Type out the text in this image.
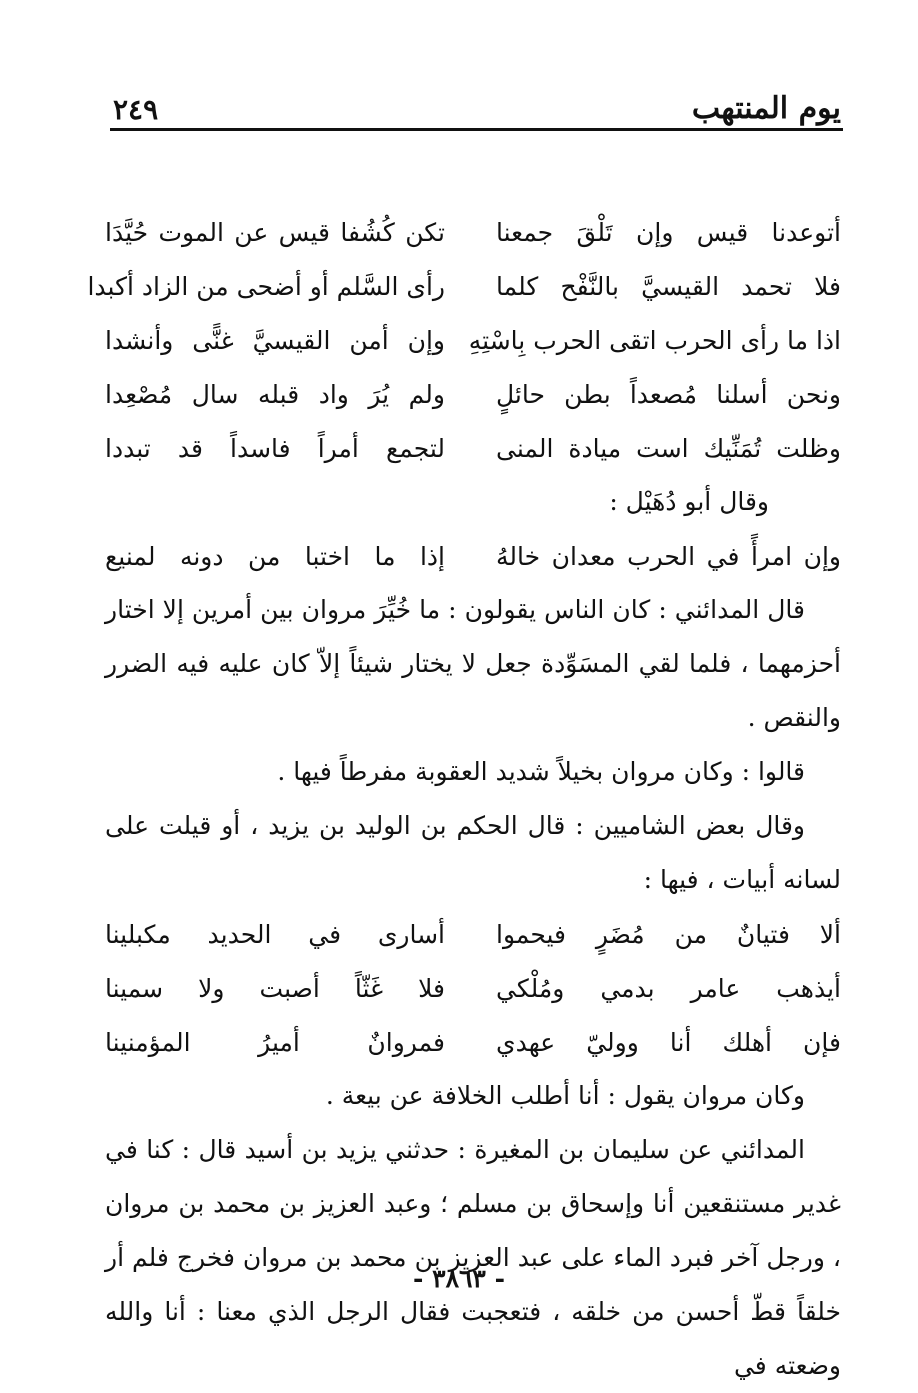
يوم المنتهب
٢٤٩
أتوعدنا قيس وإن تَلْقَ جمعنا
تكن كُشُفا قيس عن الموت حُيَّدَا
فلا تحمد القيسيَّ بالنَّفْح كلما
رأى السَّلم أو أضحى من الزاد أكبدا
اذا ما رأى الحرب اتقى الحرب بِاسْتِهِ
وإن أمن القيسيَّ غنًّى وأنشدا
ونحن أسلنا مُصعداً بطن حائلٍ
ولم يُرَ واد قبله سال مُصْعِدا
وظلت تُمَنِّيك است ميادة المنى
لتجمع أمراً فاسداً قد تبددا

وقال أبو دُهَيْل :

وإن امرأً في الحرب معدان خالهُ
إذا ما اختبا من دونه لمنيع

قال المدائني : كان الناس يقولون : ما خُيِّرَ مروان بين أمرين إلا اختار أحزمهما ، فلما لقي المسَوِّدة جعل لا يختار شيئاً إلاّ كان عليه فيه الضرر والنقص .

قالوا : وكان مروان بخيلاً شديد العقوبة مفرطاً فيها .

وقال بعض الشاميين : قال الحكم بن الوليد بن يزيد ، أو قيلت على لسانه أبيات ، فيها :

ألا فتيانٌ من مُضَرٍ فيحموا
أسارى في الحديد مكبلينا
أيذهب عامر بدمي ومُلْكي
فلا غَثّاً أصبت ولا سمينا
فإن أهلك أنا ووليّ عهدي
فمروانٌ أميرُ المؤمنينا

وكان مروان يقول : أنا أطلب الخلافة عن بيعة .

المدائني عن سليمان بن المغيرة : حدثني يزيد بن أسيد قال : كنا في غدير مستنقعين أنا وإسحاق بن مسلم ؛ وعبد العزيز بن محمد بن مروان ، ورجل آخر فبرد الماء على عبد العزيز بن محمد بن مروان فخرج فلم أر خلقاً قطّ أحسن من خلقه ، فتعجبت فقال الرجل الذي معنا : أنا والله وضعته في

- ٣٨٦٣ -
